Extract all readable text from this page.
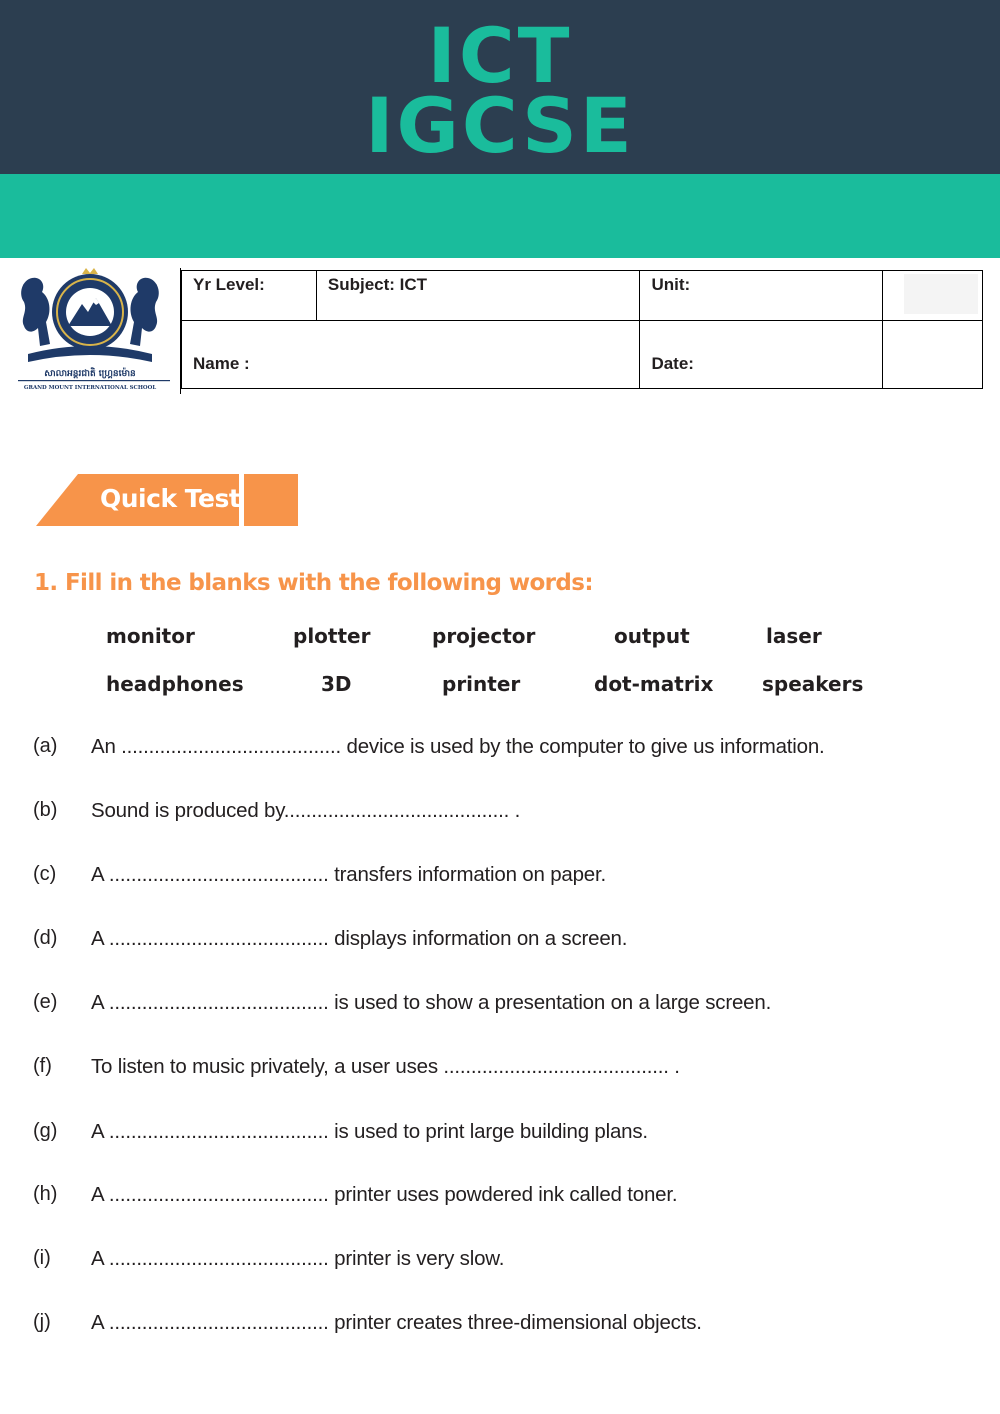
ICT
IGCSE
សាលាអន្តរជាតិ ហ្គ្រេនម៉ោន
GRAND MOUNT INTERNATIONAL SCHOOL
Yr Level:	Subject: ICT	Unit:	
Name :		Date:	
Quick Test
1. Fill in the blanks with the following words:
monitor	plotter	projector	output	laser
headphones	3D	printer	dot-matrix speakers
(a) An ........................................ device is used by the computer to give us information.
(b) Sound is produced by......................................... .
(c) A ........................................ transfers information on paper.
(d) A ........................................ displays information on a screen.
(e) A ........................................ is used to show a presentation on a large screen.
(f) To listen to music privately, a user uses ......................................... .
(g) A ........................................ is used to print large building plans.
(h) A ........................................ printer uses powdered ink called toner.
(i) A ........................................ printer is very slow.
(j) A ........................................ printer creates three-dimensional objects.
